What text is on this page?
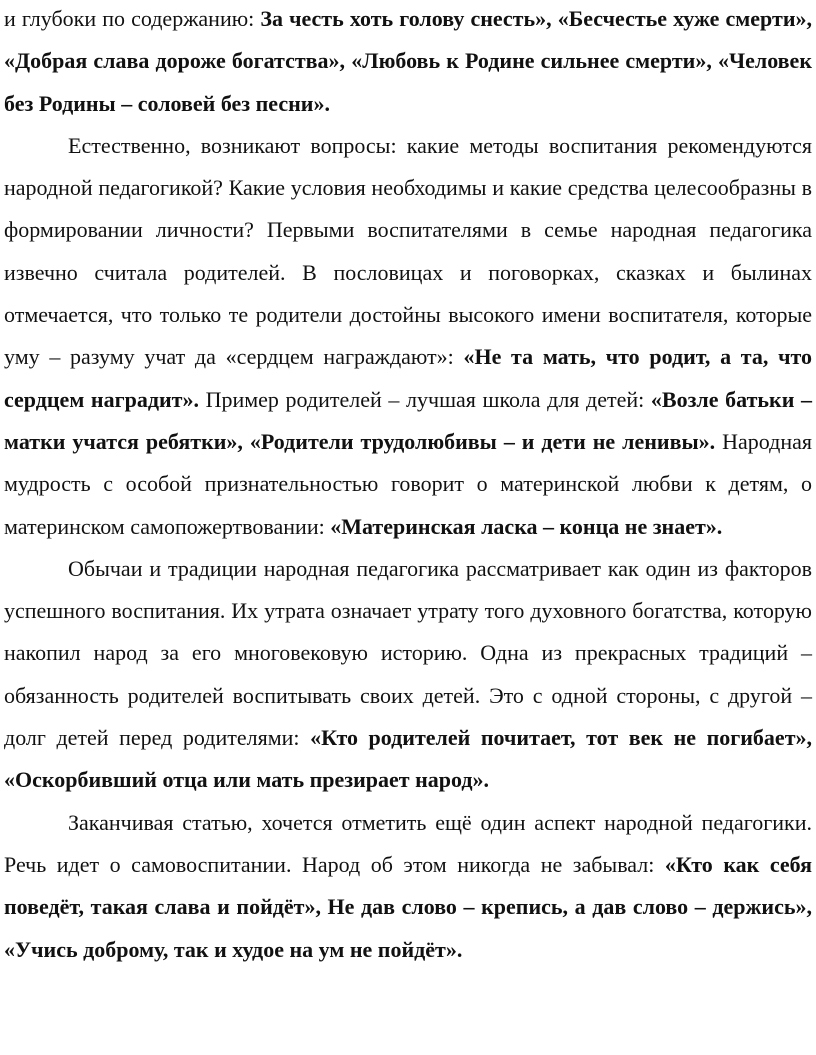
и глубоки по содержанию: За честь хоть голову снесть», «Бесчестье хуже смерти», «Добрая слава дороже богатства», «Любовь к Родине сильнее смерти», «Человек без Родины – соловей без песни».

Естественно, возникают вопросы: какие методы воспитания рекомендуются народной педагогикой? Какие условия необходимы и какие средства целесообразны в формировании личности? Первыми воспитателями в семье народная педагогика извечно считала родителей. В пословицах и поговорках, сказках и былинах отмечается, что только те родители достойны высокого имени воспитателя, которые уму – разуму учат да «сердцем награждают»: «Не та мать, что родит, а та, что сердцем наградит». Пример родителей – лучшая школа для детей: «Возле батьки – матки учатся ребятки», «Родители трудолюбивы – и дети не ленивы». Народная мудрость с особой признательностью говорит о материнской любви к детям, о материнском самопожертвовании: «Материнская ласка – конца не знает».

Обычаи и традиции народная педагогика рассматривает как один из факторов успешного воспитания. Их утрата означает утрату того духовного богатства, которую накопил народ за его многовековую историю. Одна из прекрасных традиций – обязанность родителей воспитывать своих детей. Это с одной стороны, с другой – долг детей перед родителями: «Кто родителей почитает, тот век не погибает», «Оскорбивший отца или мать презирает народ».

Заканчивая статью, хочется отметить ещё один аспект народной педагогики. Речь идет о самовоспитании. Народ об этом никогда не забывал: «Кто как себя поведёт, такая слава и пойдёт», Не дав слово – крепись, а дав слово – держись», «Учись доброму, так и худое на ум не пойдёт».
